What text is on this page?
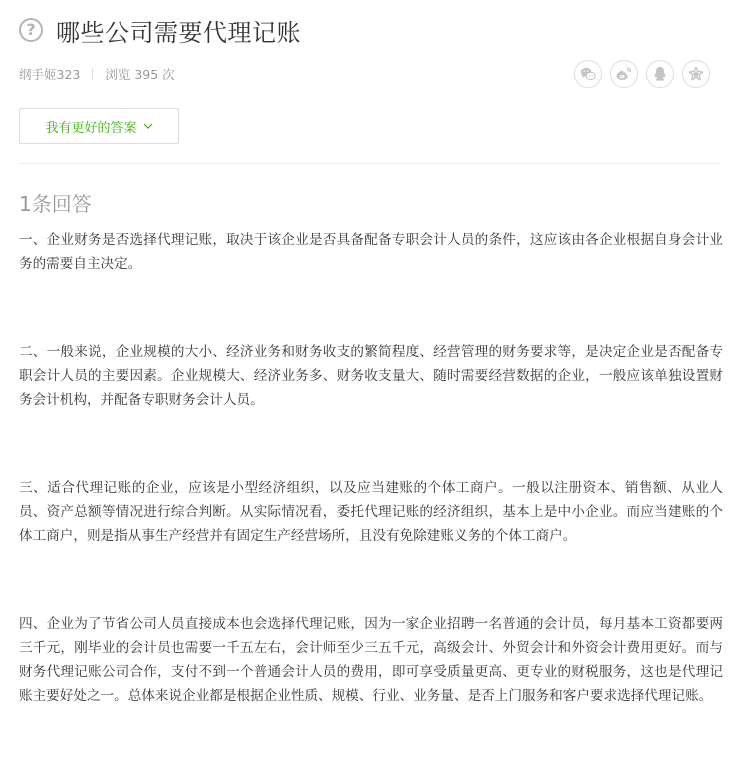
? 哪些公司需要代理记账
纲手姬323 浏览 395 次
我有更好的答案
1条回答

一、企业财务是否选择代理记账，取决于该企业是否具备配备专职会计人员的条件，这应该由各企业根据自身会计业务的需要自主决定。

二、一般来说，企业规模的大小、经济业务和财务收支的繁简程度、经营管理的财务要求等，是决定企业是否配备专职会计人员的主要因素。企业规模大、经济业务多、财务收支量大、随时需要经营数据的企业，一般应该单独设置财务会计机构，并配备专职财务会计人员。

三、适合代理记账的企业，应该是小型经济组织，以及应当建账的个体工商户。一般以注册资本、销售额、从业人员、资产总额等情况进行综合判断。从实际情况看，委托代理记账的经济组织，基本上是中小企业。而应当建账的个体工商户，则是指从事生产经营并有固定生产经营场所，且没有免除建账义务的个体工商户。

四、企业为了节省公司人员直接成本也会选择代理记账，因为一家企业招聘一名普通的会计员，每月基本工资都要两三千元，刚毕业的会计员也需要一千五左右，会计师至少三五千元，高级会计、外贸会计和外资会计费用更好。而与财务代理记账公司合作，支付不到一个普通会计人员的费用，即可享受质量更高、更专业的财税服务，这也是代理记账主要好处之一。总体来说企业都是根据企业性质、规模、行业、业务量、是否上门服务和客户要求选择代理记账。
